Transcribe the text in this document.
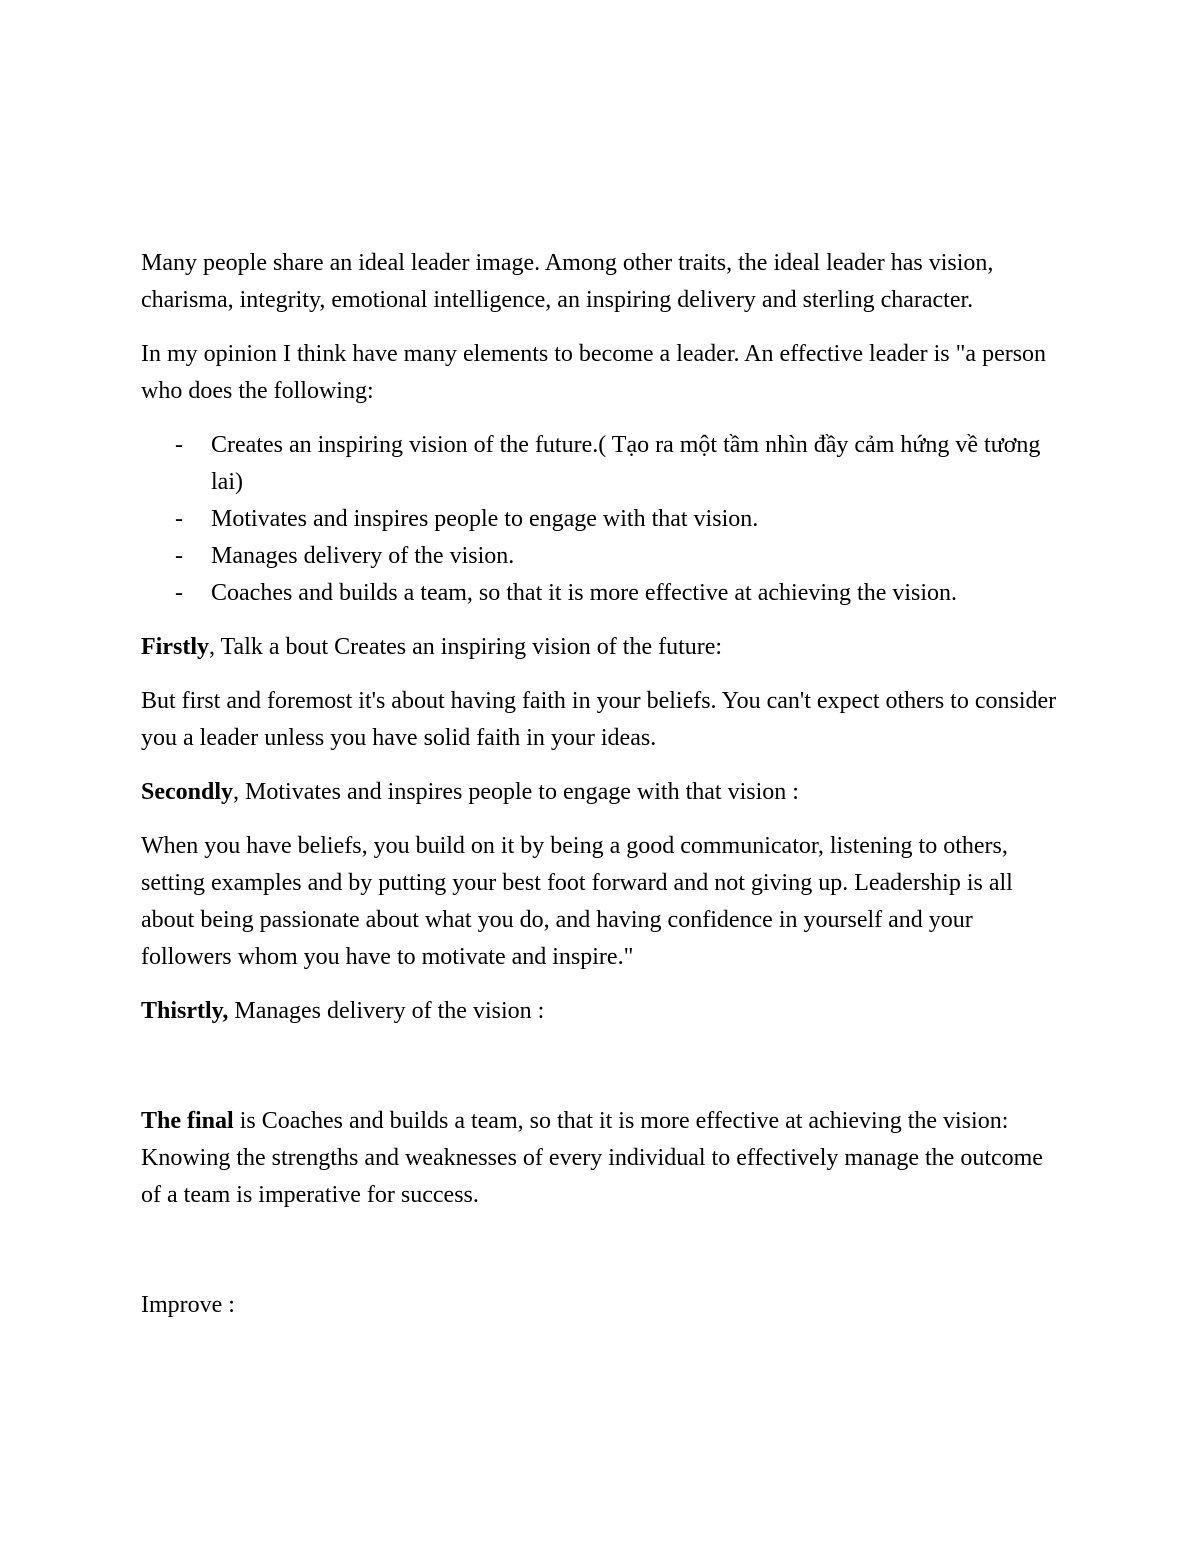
Many people share an ideal leader image. Among other traits, the ideal leader has vision, charisma, integrity, emotional intelligence, an inspiring delivery and sterling character.

In my opinion I think have many elements to become a leader. An effective leader is "a person who does the following:

- Creates an inspiring vision of the future.( Tạo ra một tầm nhìn đầy cảm hứng về tương lai)
- Motivates and inspires people to engage with that vision.
- Manages delivery of the vision.
- Coaches and builds a team, so that it is more effective at achieving the vision.

Firstly, Talk a bout Creates an inspiring vision of the future:

But first and foremost it's about having faith in your beliefs. You can't expect others to consider you a leader unless you have solid faith in your ideas.

Secondly, Motivates and inspires people to engage with that vision :

When you have beliefs, you build on it by being a good communicator, listening to others, setting examples and by putting your best foot forward and not giving up. Leadership is all about being passionate about what you do, and having confidence in yourself and your followers whom you have to motivate and inspire."

Thisrtly, Manages delivery of the vision :

The final is Coaches and builds a team, so that it is more effective at achieving the vision: Knowing the strengths and weaknesses of every individual to effectively manage the outcome of a team is imperative for success.

Improve :
